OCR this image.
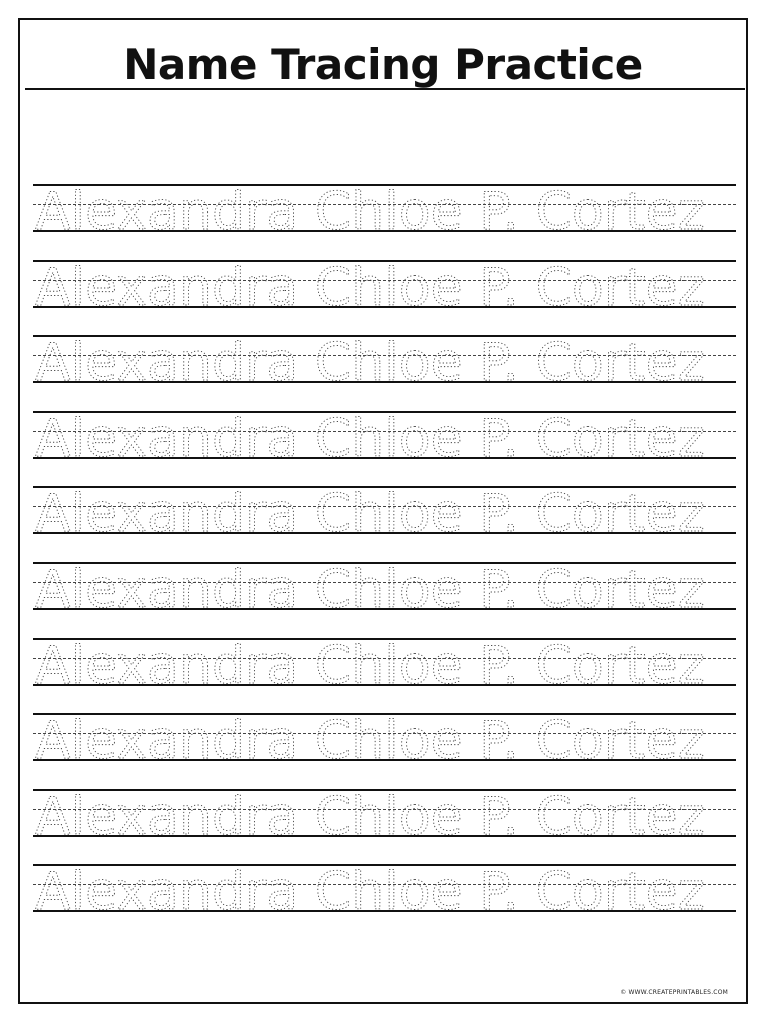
Name Tracing Practice
© WWW.CREATEPRINTABLES.COM
Alexandra Chloe P. Cortez
Alexandra Chloe P. Cortez
Alexandra Chloe P. Cortez
Alexandra Chloe P. Cortez
Alexandra Chloe P. Cortez
Alexandra Chloe P. Cortez
Alexandra Chloe P. Cortez
Alexandra Chloe P. Cortez
Alexandra Chloe P. Cortez
Alexandra Chloe P. Cortez
